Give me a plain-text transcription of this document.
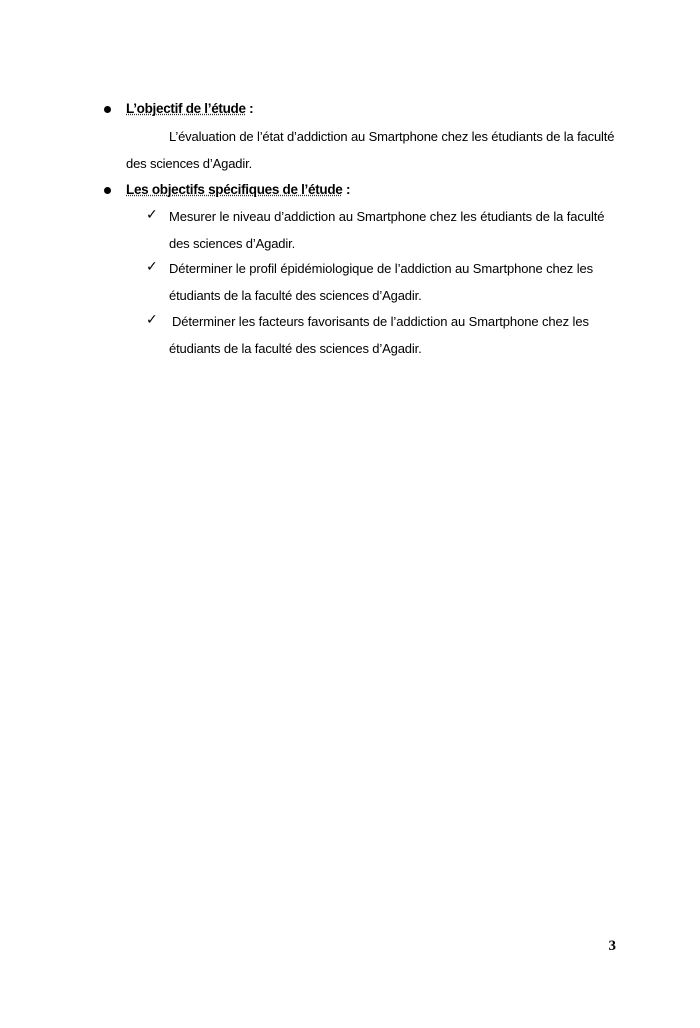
L’objectif de l’étude :
L’évaluation de l’état d’addiction au Smartphone chez les étudiants de la faculté
des sciences d’Agadir.
Les objectifs spécifiques de l’étude :
✓ Mesurer le niveau d’addiction au Smartphone chez les étudiants de la faculté
des sciences d’Agadir.
✓ Déterminer le profil épidémiologique de l’addiction au Smartphone chez les
étudiants de la faculté des sciences d’Agadir.
✓ Déterminer les facteurs favorisants de l’addiction au Smartphone chez les
étudiants de la faculté des sciences d’Agadir.
3
